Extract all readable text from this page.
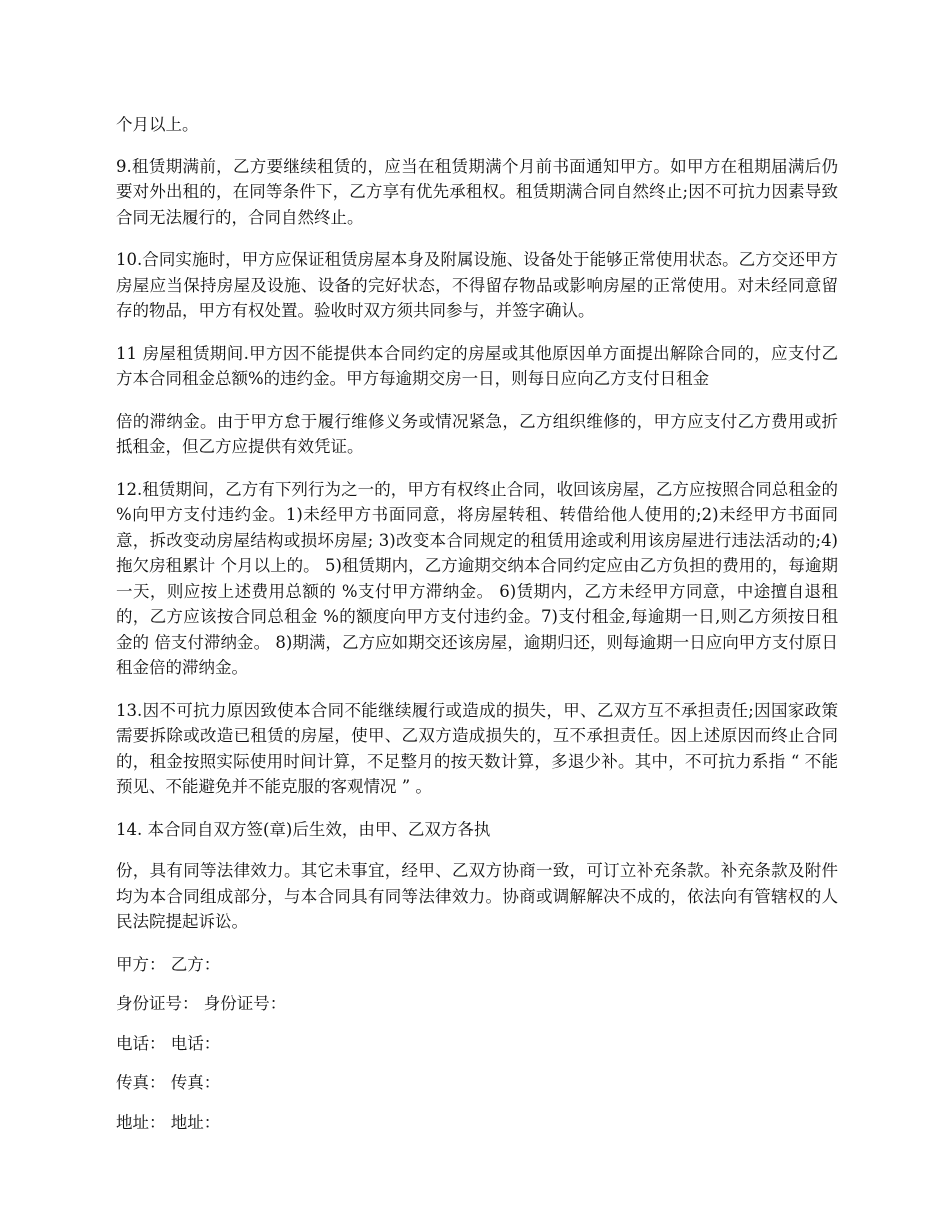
个月以上。

9.租赁期满前，乙方要继续租赁的，应当在租赁期满个月前书面通知甲方。如甲方在租期届满后仍要对外出租的，在同等条件下，乙方享有优先承租权。租赁期满合同自然终止;因不可抗力因素导致合同无法履行的，合同自然终止。

10.合同实施时，甲方应保证租赁房屋本身及附属设施、设备处于能够正常使用状态。乙方交还甲方房屋应当保持房屋及设施、设备的完好状态，不得留存物品或影响房屋的正常使用。对未经同意留存的物品，甲方有权处置。验收时双方须共同参与，并签字确认。

11 房屋租赁期间.甲方因不能提供本合同约定的房屋或其他原因单方面提出解除合同的，应支付乙方本合同租金总额%的违约金。甲方每逾期交房一日，则每日应向乙方支付日租金

倍的滞纳金。由于甲方怠于履行维修义务或情况紧急，乙方组织维修的，甲方应支付乙方费用或折抵租金，但乙方应提供有效凭证。

12.租赁期间，乙方有下列行为之一的，甲方有权终止合同，收回该房屋，乙方应按照合同总租金的 %向甲方支付违约金。1)未经甲方书面同意，将房屋转租、转借给他人使用的;2)未经甲方书面同意，拆改变动房屋结构或损坏房屋; 3)改变本合同规定的租赁用途或利用该房屋进行违法活动的;4)拖欠房租累计 个月以上的。 5)租赁期内，乙方逾期交纳本合同约定应由乙方负担的费用的，每逾期一天，则应按上述费用总额的 %支付甲方滞纳金。 6)赁期内，乙方未经甲方同意，中途擅自退租的，乙方应该按合同总租金 %的额度向甲方支付违约金。7)支付租金,每逾期一日,则乙方须按日租金的 倍支付滞纳金。 8)期满，乙方应如期交还该房屋，逾期归还，则每逾期一日应向甲方支付原日租金倍的滞纳金。

13.因不可抗力原因致使本合同不能继续履行或造成的损失，甲、乙双方互不承担责任;因国家政策需要拆除或改造已租赁的房屋，使甲、乙双方造成损失的，互不承担责任。因上述原因而终止合同的，租金按照实际使用时间计算，不足整月的按天数计算，多退少补。其中，不可抗力系指 “ 不能预见、不能避免并不能克服的客观情况 ” 。

14. 本合同自双方签(章)后生效，由甲、乙双方各执

份，具有同等法律效力。其它未事宜，经甲、乙双方协商一致，可订立补充条款。补充条款及附件均为本合同组成部分，与本合同具有同等法律效力。协商或调解解决不成的，依法向有管辖权的人民法院提起诉讼。

甲方： 乙方：

身份证号： 身份证号：

电话： 电话：

传真： 传真：

地址： 地址：
